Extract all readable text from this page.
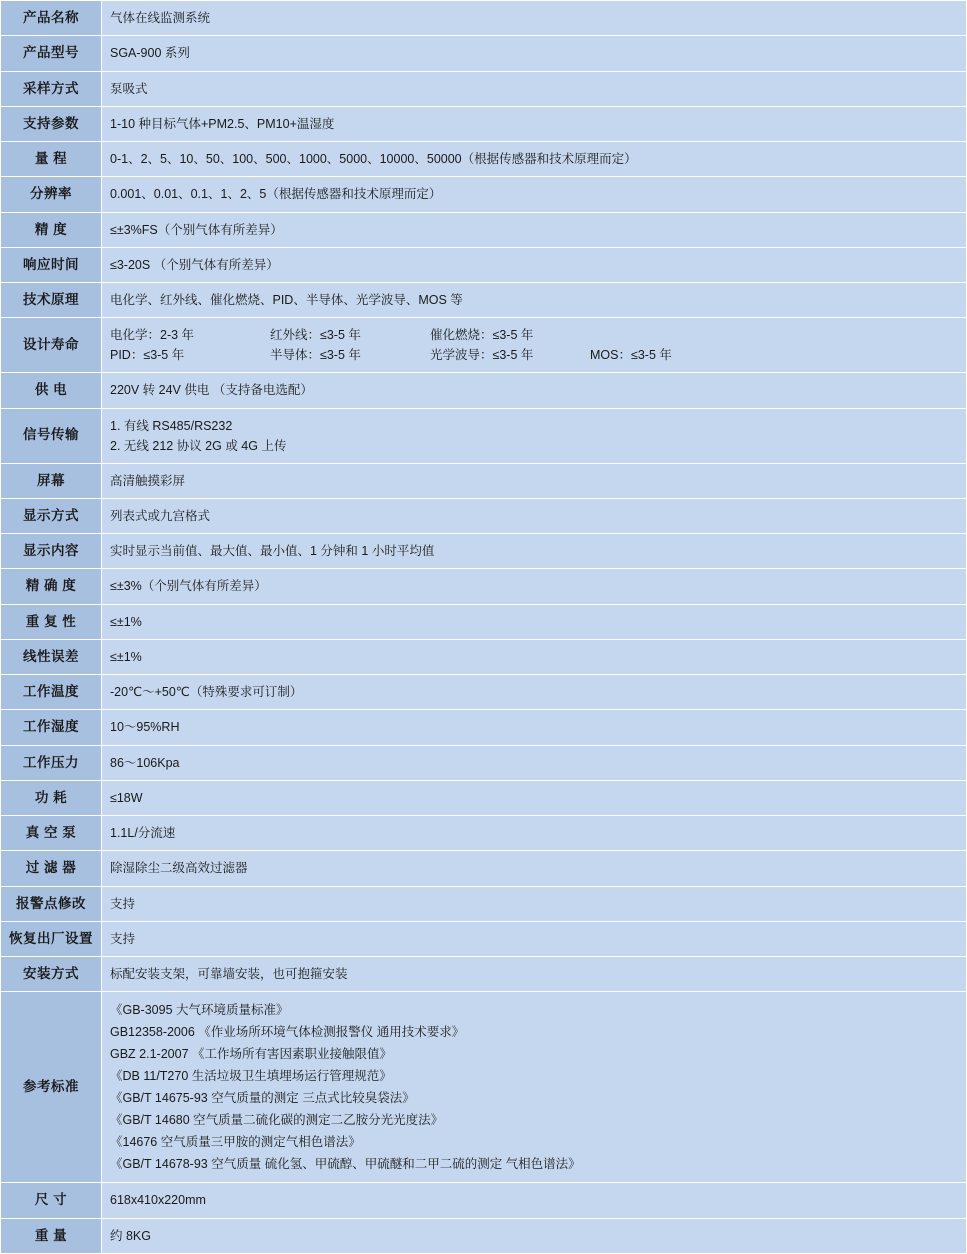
产品名称	气体在线监测系统

产品型号	SGA-900 系列

采样方式	泵吸式

支持参数	1-10 种目标气体+PM2.5、PM10+温湿度

量 程	0‐1、2、5、10、50、100、500、1000、5000、10000、50000（根据传感器和技术原理而定）

分辨率	0.001、0.01、0.1、1、2、5（根据传感器和技术原理而定）

精 度	≤±3%FS（个别气体有所差异）

响应时间	≤3-20S （个别气体有所差异）

技术原理	电化学、红外线、催化燃烧、PID、半导体、光学波导、MOS 等

设计寿命	电化学：2-3 年 红外线：≤3-5 年 催化燃烧：≤3-5 年
PID：≤3-5 年 半导体：≤3-5 年 光学波导：≤3-5 年 MOS：≤3-5 年

供 电	220V 转 24V 供电 （支持备电选配）

信号传输	1. 有线 RS485/RS232
2. 无线 212 协议 2G 或 4G 上传

屏幕	高清触摸彩屏

显示方式	列表式或九宫格式

显示内容	实时显示当前值、最大值、最小值、1 分钟和 1 小时平均值

精 确 度	≤±3%（个别气体有所差异）

重 复 性	≤±1%

线性误差	≤±1%

工作温度	-20℃～+50℃（特殊要求可订制）

工作湿度	10～95%RH

工作压力	86～106Kpa

功 耗	≤18W

真 空 泵	1.1L/分流速

过 滤 器	除湿除尘二级高效过滤器

报警点修改	支持

恢复出厂设置	支持

安装方式	标配安装支架，可靠墙安装，也可抱箍安装

参考标准	
《GB-3095 大气环境质量标准》
GB12358-2006 《作业场所环境气体检测报警仪 通用技术要求》
GBZ 2.1-2007 《工作场所有害因素职业接触限值》
《DB 11/T270 生活垃圾卫生填埋场运行管理规范》
《GB/T 14675-93 空气质量的测定 三点式比较臭袋法》
《GB/T 14680 空气质量二硫化碳的测定二乙胺分光光度法》
《14676 空气质量三甲胺的测定气相色谱法》
《GB/T 14678-93 空气质量 硫化氢、甲硫醇、甲硫醚和二甲二硫的测定 气相色谱法》

尺 寸	618x410x220mm

重 量	约 8KG
